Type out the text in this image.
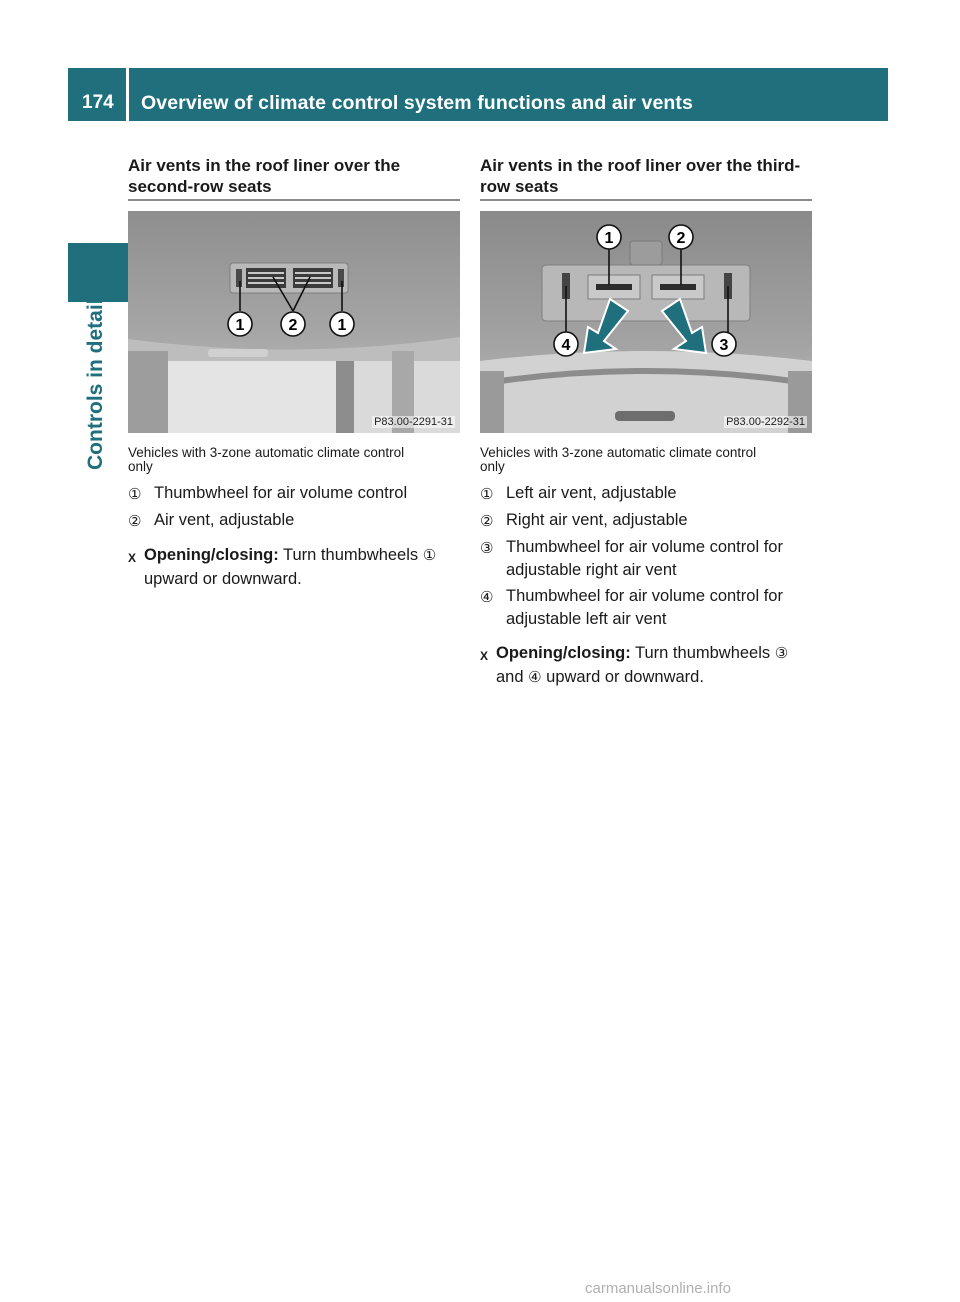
174	Overview of climate control system functions and air vents
Controls in detail
Air vents in the roof liner over the
second-row seats
1	2	1
P83.00-2291-31
Vehicles with 3-zone automatic climate control
only
① Thumbwheel for air volume control
② Air vent, adjustable
X Opening/closing: Turn thumbwheels ①
upward or downward.
Air vents in the roof liner over the third-
row seats
1	2
3
4
P83.00-2292-31
Vehicles with 3-zone automatic climate control
only
① Left air vent, adjustable
② Right air vent, adjustable
③ Thumbwheel for air volume control for
adjustable right air vent
④ Thumbwheel for air volume control for
adjustable left air vent
X Opening/closing: Turn thumbwheels ③
and ④ upward or downward.
carmanualsonline.info
